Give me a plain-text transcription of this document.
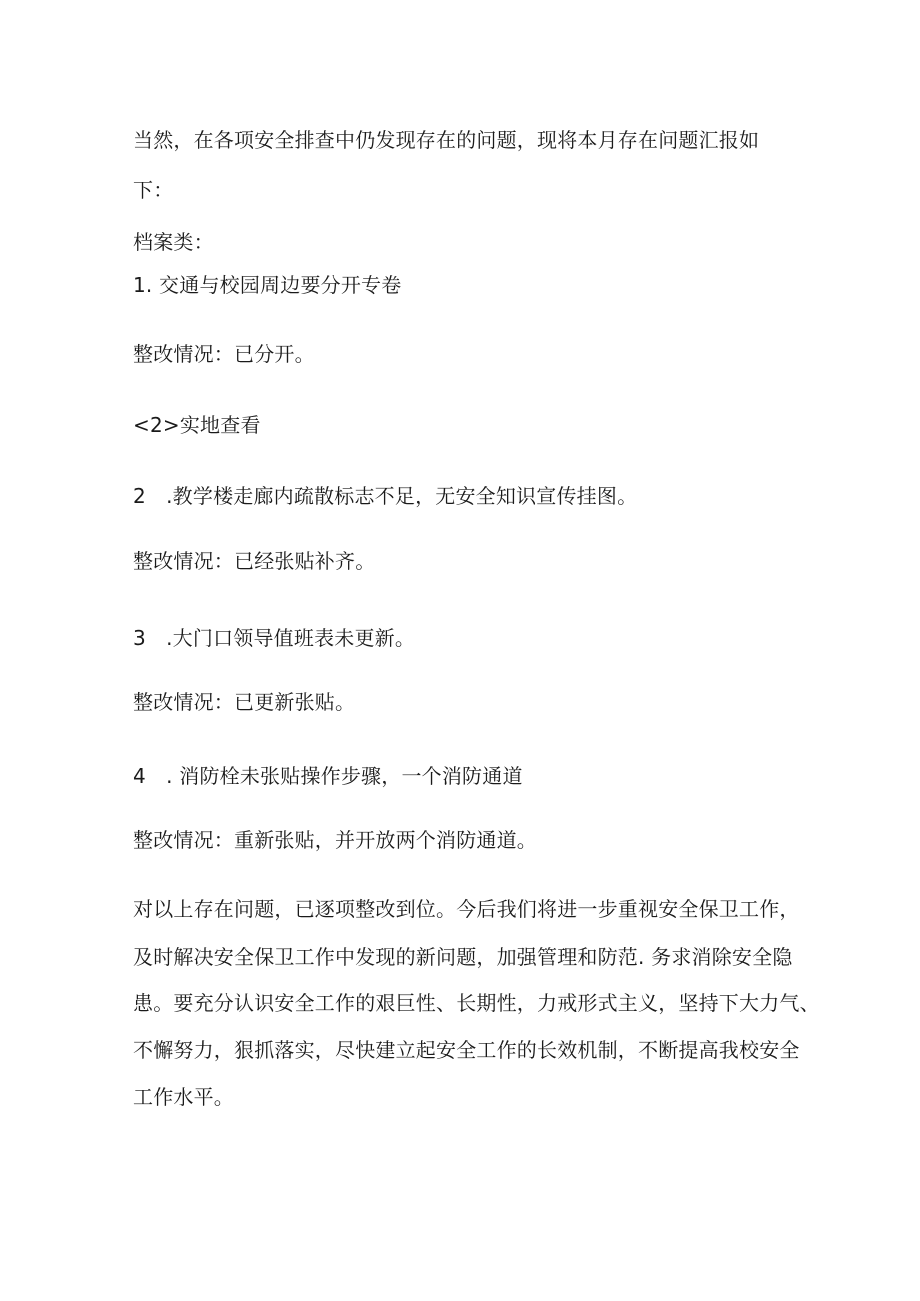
当然，在各项安全排查中仍发现存在的问题，现将本月存在问题汇报如
下：
档案类：
1. 交通与校园周边要分开专卷
整改情况：已分开。
<2>实地查看
2　.教学楼走廊内疏散标志不足，无安全知识宣传挂图。
整改情况：已经张贴补齐。
3　.大门口领导值班表未更新。
整改情况：已更新张贴。
4　. 消防栓未张贴操作步骤，一个消防通道
整改情况：重新张贴，并开放两个消防通道。
对以上存在问题，已逐项整改到位。今后我们将进一步重视安全保卫工作，
及时解决安全保卫工作中发现的新问题，加强管理和防范. 务求消除安全隐
患。要充分认识安全工作的艰巨性、长期性，力戒形式主义，坚持下大力气、
不懈努力，狠抓落实，尽快建立起安全工作的长效机制，不断提高我校安全
工作水平。
